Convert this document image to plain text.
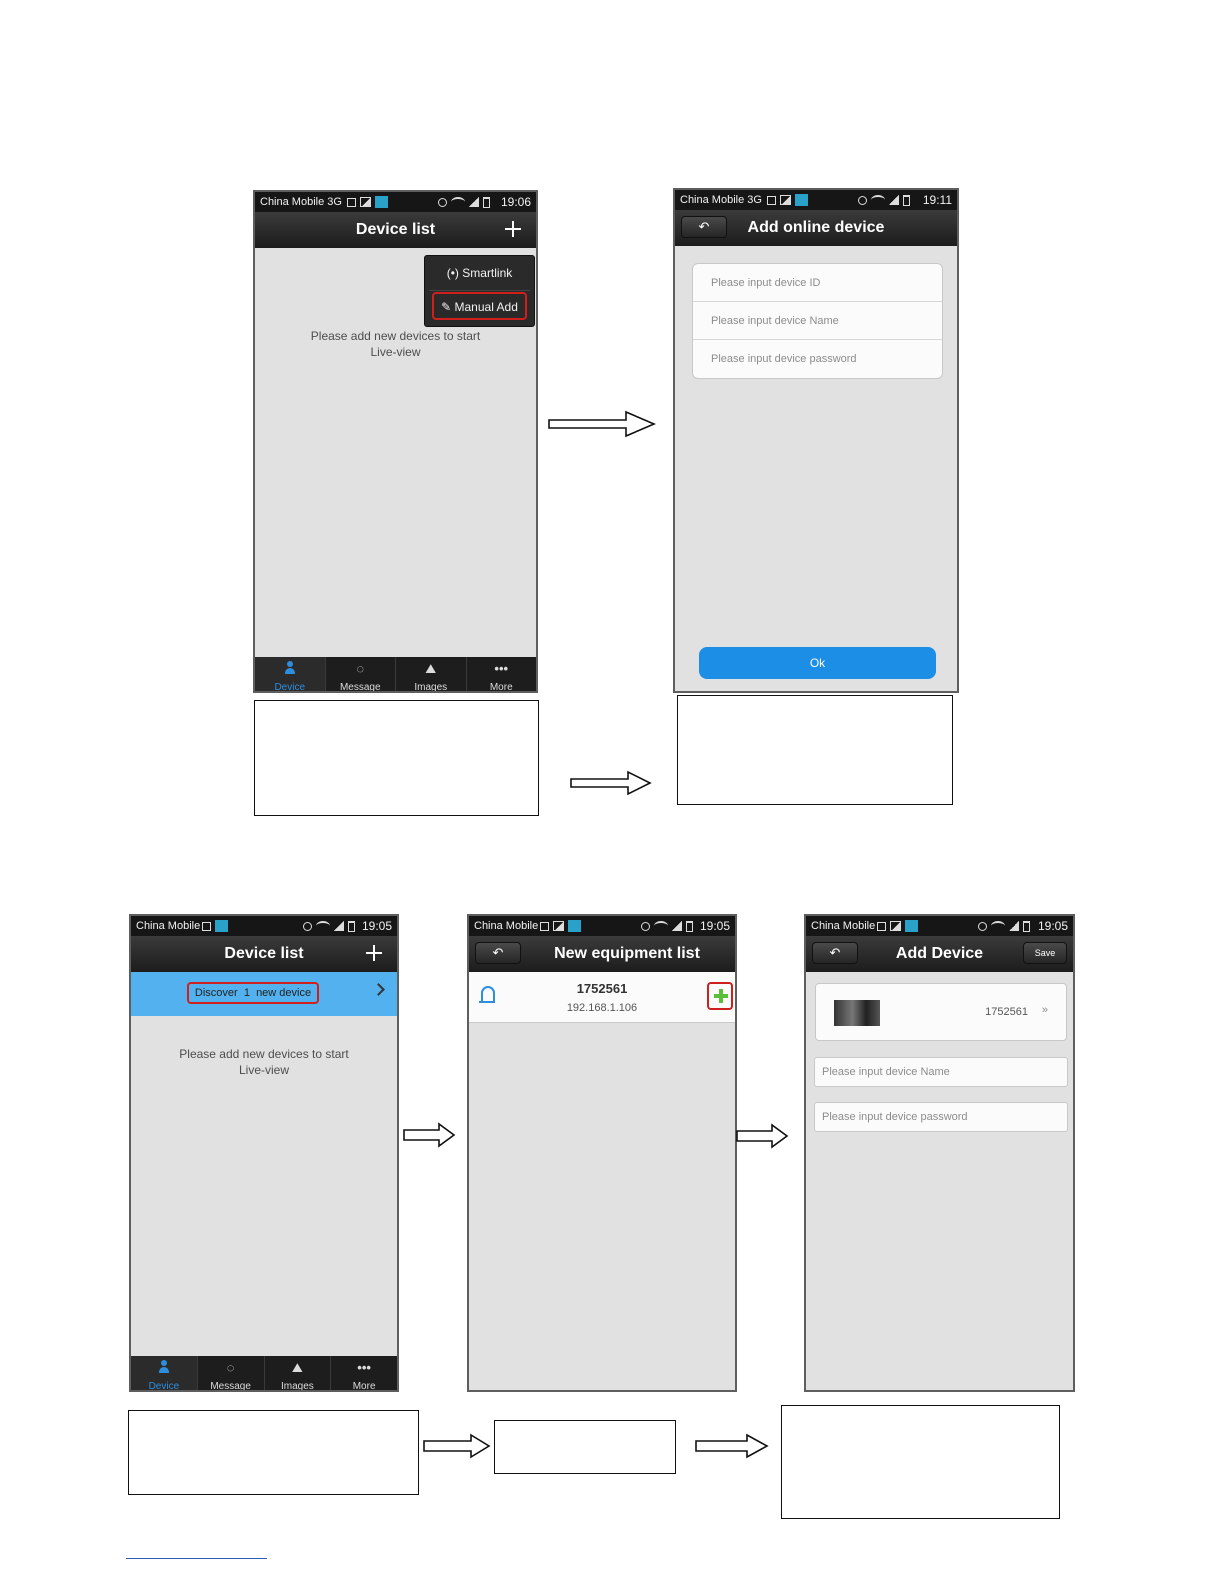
China Mobile 3G	19:06
Device list
Please add new devices to start
Live-view
(•) Smartlink
✎ Manual Add
Device
◌
Message
⛰
Images
•••
More
China Mobile 3G	19:11
↶	Add online device
Please input device ID
Please input device Name
Please input device password
Ok
China Mobile	19:05
Device list
Discover 1 new device
Please add new devices to start
Live-view
Device
◌
Message
⛰
Images
•••
More
China Mobile	19:05
↶	New equipment list
1752561
192.168.1.106
China Mobile	19:05
↶	Add Device	Save
1752561 »
Please input device Name
Please input device password
